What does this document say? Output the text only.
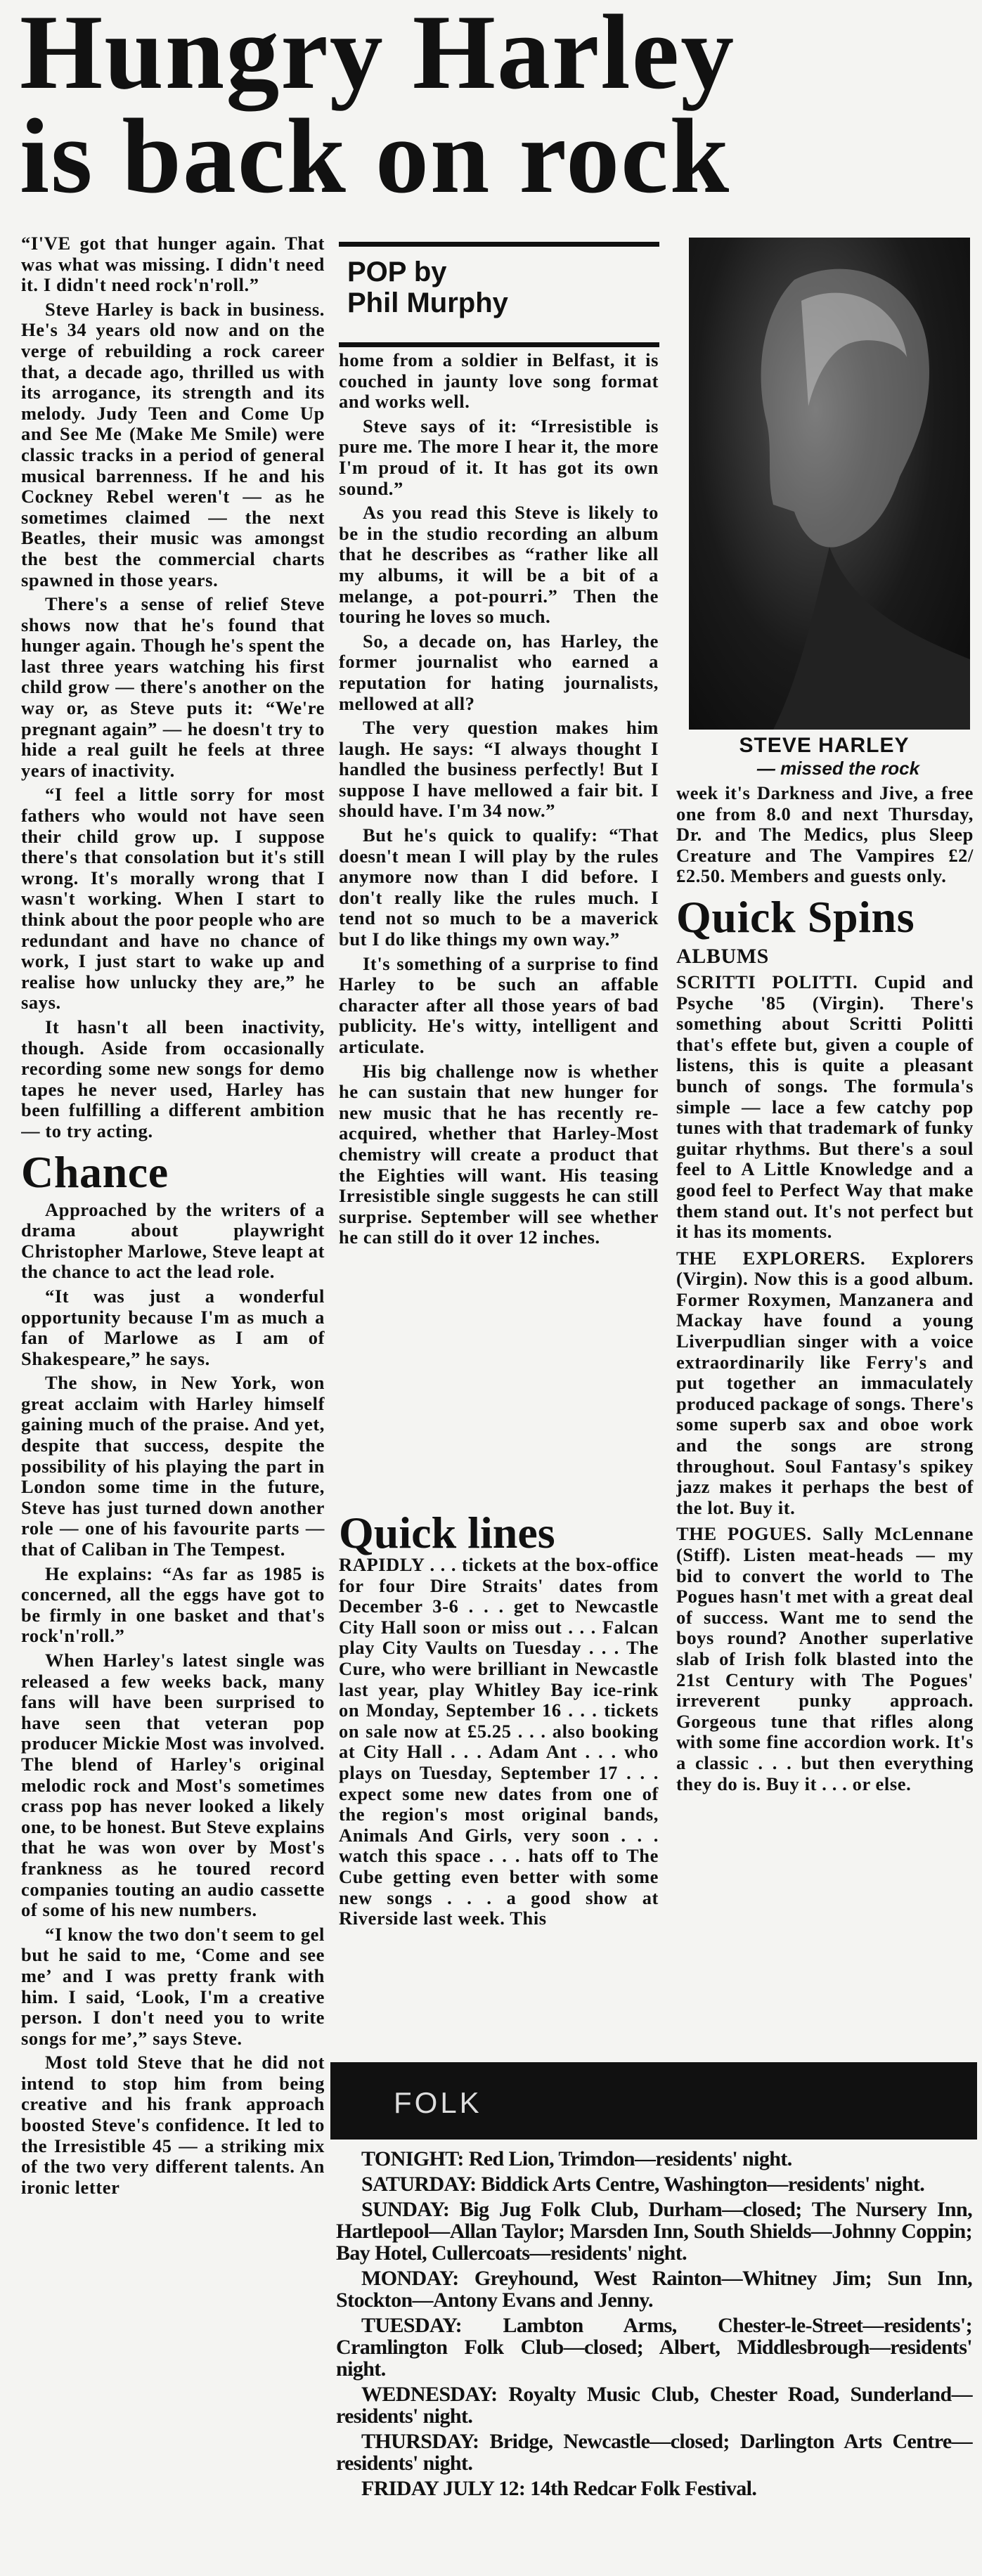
Hungry Harley
is back on rock

“I'VE got that hunger again. That was what was missing. I didn't need it. I didn't need rock'n'roll.”

Steve Harley is back in business. He's 34 years old now and on the verge of rebuilding a rock career that, a decade ago, thrilled us with its arrogance, its strength and its melody. Judy Teen and Come Up and See Me (Make Me Smile) were classic tracks in a period of general musical barrenness. If he and his Cockney Rebel weren't — as he sometimes claimed — the next Beatles, their music was amongst the best the commercial charts spawned in those years.

There's a sense of relief Steve shows now that he's found that hunger again. Though he's spent the last three years watching his first child grow — there's another on the way or, as Steve puts it: “We're pregnant again” — he doesn't try to hide a real guilt he feels at three years of inactivity.

“I feel a little sorry for most fathers who would not have seen their child grow up. I suppose there's that consolation but it's still wrong. It's morally wrong that I wasn't working. When I start to think about the poor people who are redundant and have no chance of work, I just start to wake up and realise how unlucky they are,” he says.

It hasn't all been inactivity, though. Aside from occasionally recording some new songs for demo tapes he never used, Harley has been fulfilling a different ambition — to try acting.

Chance

Approached by the writers of a drama about playwright Christopher Marlowe, Steve leapt at the chance to act the lead role.

“It was just a wonderful opportunity because I'm as much a fan of Marlowe as I am of Shakespeare,” he says.

The show, in New York, won great acclaim with Harley himself gaining much of the praise. And yet, despite that success, despite the possibility of his playing the part in London some time in the future, Steve has just turned down another role — one of his favourite parts — that of Caliban in The Tempest.

He explains: “As far as 1985 is concerned, all the eggs have got to be firmly in one basket and that's rock'n'roll.”

When Harley's latest single was released a few weeks back, many fans will have been surprised to have seen that veteran pop producer Mickie Most was involved. The blend of Harley's original melodic rock and Most's sometimes crass pop has never looked a likely one, to be honest. But Steve explains that he was won over by Most's frankness as he toured record companies touting an audio cassette of some of his new numbers.

“I know the two don't seem to gel but he said to me, ‘Come and see me’ and I was pretty frank with him. I said, ‘Look, I'm a creative person. I don't need you to write songs for me’,” says Steve.

Most told Steve that he did not intend to stop him from being creative and his frank approach boosted Steve's confidence. It led to the Irresistible 45 — a striking mix of the two very different talents. An ironic letter

POP by
Phil Murphy

home from a soldier in Belfast, it is couched in jaunty love song format and works well.

Steve says of it: “Irresistible is pure me. The more I hear it, the more I'm proud of it. It has got its own sound.”

As you read this Steve is likely to be in the studio recording an album that he describes as “rather like all my albums, it will be a bit of a melange, a pot-pourri.” Then the touring he loves so much.

So, a decade on, has Harley, the former journalist who earned a reputation for hating journalists, mellowed at all?

The very question makes him laugh. He says: “I always thought I handled the business perfectly! But I suppose I have mellowed a fair bit. I should have. I'm 34 now.”

But he's quick to qualify: “That doesn't mean I will play by the rules anymore now than I did before. I don't really like the rules much. I tend not so much to be a maverick but I do like things my own way.”

It's something of a surprise to find Harley to be such an affable character after all those years of bad publicity. He's witty, intelligent and articulate.

His big challenge now is whether he can sustain that new hunger for new music that he has recently re-acquired, whether that Harley-Most chemistry will create a product that the Eighties will want. His teasing Irresistible single suggests he can still surprise. September will see whether he can still do it over 12 inches.

Quick lines

RAPIDLY . . . tickets at the box-office for four Dire Straits' dates from December 3-6 . . . get to Newcastle City Hall soon or miss out . . . Falcan play City Vaults on Tuesday . . . The Cure, who were brilliant in Newcastle last year, play Whitley Bay ice-rink on Monday, September 16 . . . tickets on sale now at £5.25 . . . also booking at City Hall . . . Adam Ant . . . who plays on Tuesday, September 17 . . . expect some new dates from one of the region's most original bands, Animals And Girls, very soon . . . watch this space . . . hats off to The Cube getting even better with some new songs . . . a good show at Riverside last week. This

STEVE HARLEY
— missed the rock

week it's Darkness and Jive, a free one from 8.0 and next Thursday, Dr. and The Medics, plus Sleep Creature and The Vampires £2/£2.50. Members and guests only.

Quick Spins

ALBUMS

SCRITTI POLITTI. Cupid and Psyche '85 (Virgin). There's something about Scritti Politti that's effete but, given a couple of listens, this is quite a pleasant bunch of songs. The formula's simple — lace a few catchy pop tunes with that trademark of funky guitar rhythms. But there's a soul feel to A Little Knowledge and a good feel to Perfect Way that make them stand out. It's not perfect but it has its moments.

THE EXPLORERS. Explorers (Virgin). Now this is a good album. Former Roxymen, Manzanera and Mackay have found a young Liverpudlian singer with a voice extraordinarily like Ferry's and put together an immaculately produced package of songs. There's some superb sax and oboe work and the songs are strong throughout. Soul Fantasy's spikey jazz makes it perhaps the best of the lot. Buy it.

THE POGUES. Sally McLennane (Stiff). Listen meat-heads — my bid to convert the world to The Pogues hasn't met with a great deal of success. Want me to send the boys round? Another superlative slab of Irish folk blasted into the 21st Century with The Pogues' irreverent punky approach. Gorgeous tune that rifles along with some fine accordion work. It's a classic . . . but then everything they do is. Buy it . . . or else.

FOLK

TONIGHT: Red Lion, Trimdon—residents' night.

SATURDAY: Biddick Arts Centre, Washington—residents' night.

SUNDAY: Big Jug Folk Club, Durham—closed; The Nursery Inn, Hartlepool—Allan Taylor; Marsden Inn, South Shields—Johnny Coppin; Bay Hotel, Cullercoats—residents' night.

MONDAY: Greyhound, West Rainton—Whitney Jim; Sun Inn, Stockton—Antony Evans and Jenny.

TUESDAY: Lambton Arms, Chester-le-Street—residents'; Cramlington Folk Club—closed; Albert, Middlesbrough—residents' night.

WEDNESDAY: Royalty Music Club, Chester Road, Sunderland—residents' night.

THURSDAY: Bridge, Newcastle—closed; Darlington Arts Centre—residents' night.

FRIDAY JULY 12: 14th Redcar Folk Festival.
